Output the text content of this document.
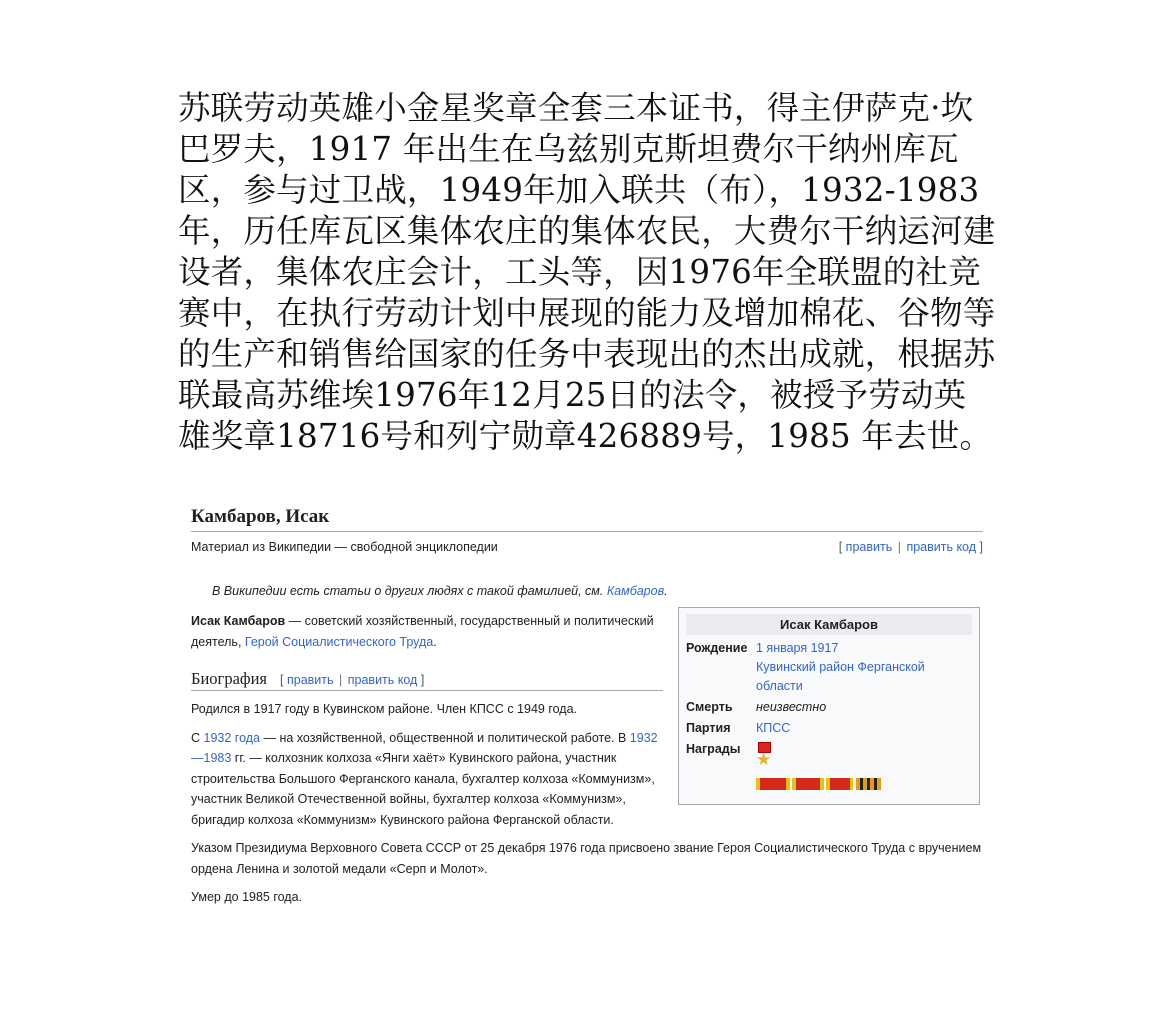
苏联劳动英雄小金星奖章全套三本证书，得主伊萨克·坎巴罗夫，1917 年出生在乌兹别克斯坦费尔干纳州库瓦区，参与过卫战，1949年加入联共（布），1932-1983年，历任库瓦区集体农庄的集体农民，大费尔干纳运河建设者，集体农庄会计，工头等，因1976年全联盟的社竞赛中，在执行劳动计划中展现的能力及增加棉花、谷物等的生产和销售给国家的任务中表现出的杰出成就，根据苏联最高苏维埃1976年12月25日的法令，被授予劳动英雄奖章18716号和列宁勋章426889号，1985 年去世。

Камбаров, Исак
Материал из Википедии — свободной энциклопедии	[ править | править код ]
В Википедии есть статьи о других людях с такой фамилией, см. Камбаров.
Исак Камбаров — советский хозяйственный, государственный и политический деятель, Герой Социалистического Труда.
Биография [ править | править код ]

Родился в 1917 году в Кувинском районе. Член КПСС с 1949 года.

С 1932 года — на хозяйственной, общественной и политической работе. В 1932—1983 гг. — колхозник колхоза «Янги хаёт» Кувинского района, участник строительства Большого Ферганского канала, бухгалтер колхоза «Коммунизм», участник Великой Отечественной войны, бухгалтер колхоза «Коммунизм», бригадир колхоза «Коммунизм» Кувинского района Ферганской области.

Исак Камбаров
Рождение 1 января 1917
Кувинский район Ферганской области
Смерть	неизвестно
Партия	КПСС
Награды
★

Указом Президиума Верховного Совета СССР от 25 декабря 1976 года присвоено звание Героя Социалистического Труда с вручением ордена Ленина и золотой медали «Серп и Молот».

Умер до 1985 года.
